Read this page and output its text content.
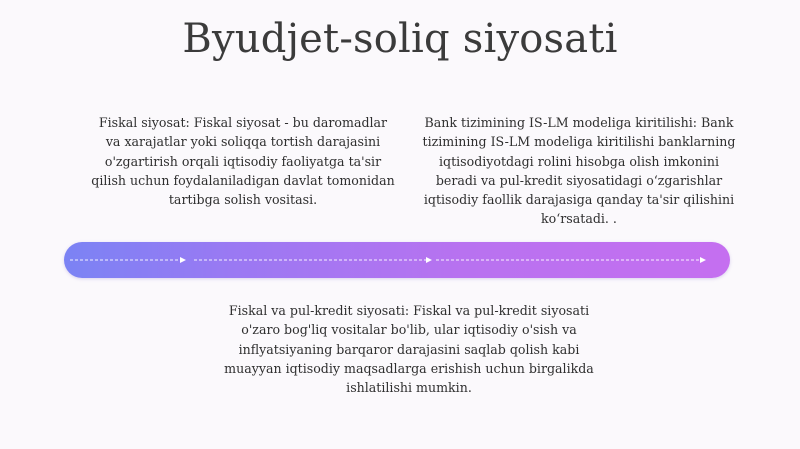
Byudjet-soliq siyosati
Fiskal siyosat: Fiskal siyosat - bu daromadlar va xarajatlar yoki soliqqa tortish darajasini o'zgartirish orqali iqtisodiy faoliyatga ta'sir qilish uchun foydalaniladigan davlat tomonidan tartibga solish vositasi.
Bank tizimining IS-LM modeliga kiritilishi: Bank tizimining IS-LM modeliga kiritilishi banklarning iqtisodiyotdagi rolini hisobga olish imkonini beradi va pul-kredit siyosatidagi o‘zgarishlar iqtisodiy faollik darajasiga qanday ta'sir qilishini ko‘rsatadi. .
Fiskal va pul-kredit siyosati: Fiskal va pul-kredit siyosati o'zaro bog'liq vositalar bo'lib, ular iqtisodiy o'sish va inflyatsiyaning barqaror darajasini saqlab qolish kabi muayyan iqtisodiy maqsadlarga erishish uchun birgalikda ishlatilishi mumkin.
